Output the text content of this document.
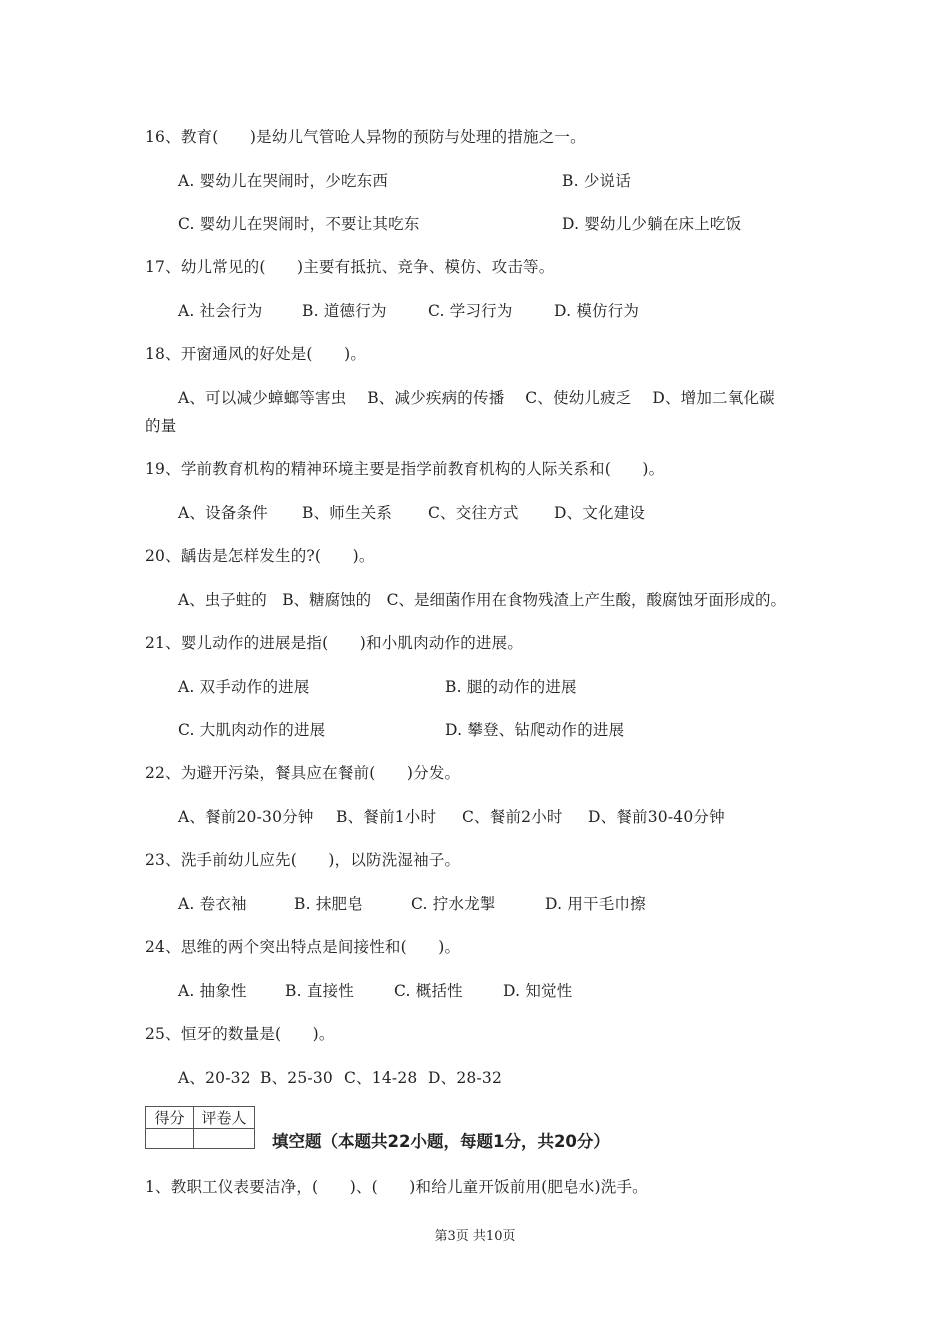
16、教育(　　)是幼儿气管呛人异物的预防与处理的措施之一。
A. 婴幼儿在哭闹时，少吃东西	B. 少说话
C. 婴幼儿在哭闹时，不要让其吃东	D. 婴幼儿少躺在床上吃饭
17、幼儿常见的(　　)主要有抵抗、竞争、模仿、攻击等。
A. 社会行为	B. 道德行为	C. 学习行为	D. 模仿行为
18、开窗通风的好处是(　　)。
A、可以减少蟑螂等害虫　 B、减少疾病的传播　 C、使幼儿疲乏　 D、增加二氧化碳
的量
19、学前教育机构的精神环境主要是指学前教育机构的人际关系和(　　)。
A、设备条件 B、师生关系 C、交往方式 D、文化建设
20、龋齿是怎样发生的?(　　)。
A、虫子蛀的　B、糖腐蚀的　C、是细菌作用在食物残渣上产生酸，酸腐蚀牙面形成的。
21、婴儿动作的进展是指(　　)和小肌肉动作的进展。
A. 双手动作的进展	B. 腿的动作的进展
C. 大肌肉动作的进展	D. 攀登、钻爬动作的进展
22、为避开污染，餐具应在餐前(　　)分发。
A、餐前20-30分钟 B、餐前1小时 C、餐前2小时 D、餐前30-40分钟
23、洗手前幼儿应先(　　)，以防洗湿袖子。
A. 卷衣袖	B. 抹肥皂	C. 拧水龙掣	D. 用干毛巾擦
24、思维的两个突出特点是间接性和(　　)。
A. 抽象性 B. 直接性	C. 概括性	D. 知觉性
25、恒牙的数量是(　　)。
A、20-32 B、25-30 C、14-28 D、28-32
得分	评卷人

填空题（本题共22小题，每题1分，共20分）
1、教职工仪表要洁净，(　　)、(　　)和给儿童开饭前用(肥皂水)洗手。
第3页 共10页
